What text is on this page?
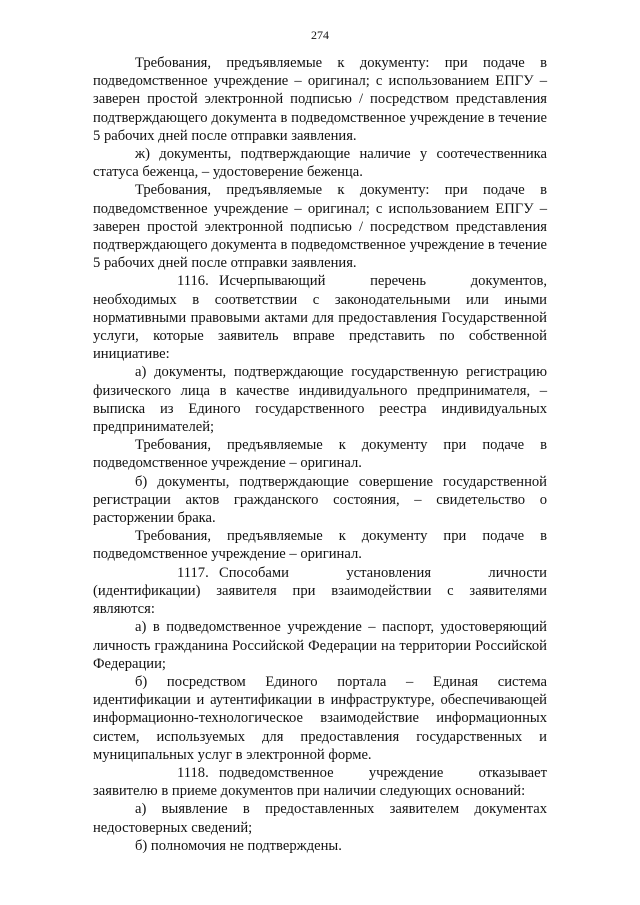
274

Требования, предъявляемые к документу: при подаче в подведомственное учреждение – оригинал; с использованием ЕПГУ – заверен простой электронной подписью / посредством представления подтверждающего документа в подведомственное учреждение в течение 5 рабочих дней после отправки заявления.

ж) документы, подтверждающие наличие у соотечественника статуса беженца, – удостоверение беженца.

Требования, предъявляемые к документу: при подаче в подведомственное учреждение – оригинал; с использованием ЕПГУ – заверен простой электронной подписью / посредством представления подтверждающего документа в подведомственное учреждение в течение 5 рабочих дней после отправки заявления.

1116. Исчерпывающий перечень документов, необходимых в соответствии с законодательными или иными нормативными правовыми актами для предоставления Государственной услуги, которые заявитель вправе представить по собственной инициативе:

а) документы, подтверждающие государственную регистрацию физического лица в качестве индивидуального предпринимателя, – выписка из Единого государственного реестра индивидуальных предпринимателей;

Требования, предъявляемые к документу при подаче в подведомственное учреждение – оригинал.

б) документы, подтверждающие совершение государственной регистрации актов гражданского состояния, – свидетельство о расторжении брака.

Требования, предъявляемые к документу при подаче в подведомственное учреждение – оригинал.

1117. Способами установления личности (идентификации) заявителя при взаимодействии с заявителями являются:

а) в подведомственное учреждение – паспорт, удостоверяющий личность гражданина Российской Федерации на территории Российской Федерации;

б) посредством Единого портала – Единая система идентификации и аутентификации в инфраструктуре, обеспечивающей информационно-технологическое взаимодействие информационных систем, используемых для предоставления государственных и муниципальных услуг в электронной форме.

1118. подведомственное учреждение отказывает заявителю в приеме документов при наличии следующих оснований:

а) выявление в предоставленных заявителем документах недостоверных сведений;

б) полномочия не подтверждены.
